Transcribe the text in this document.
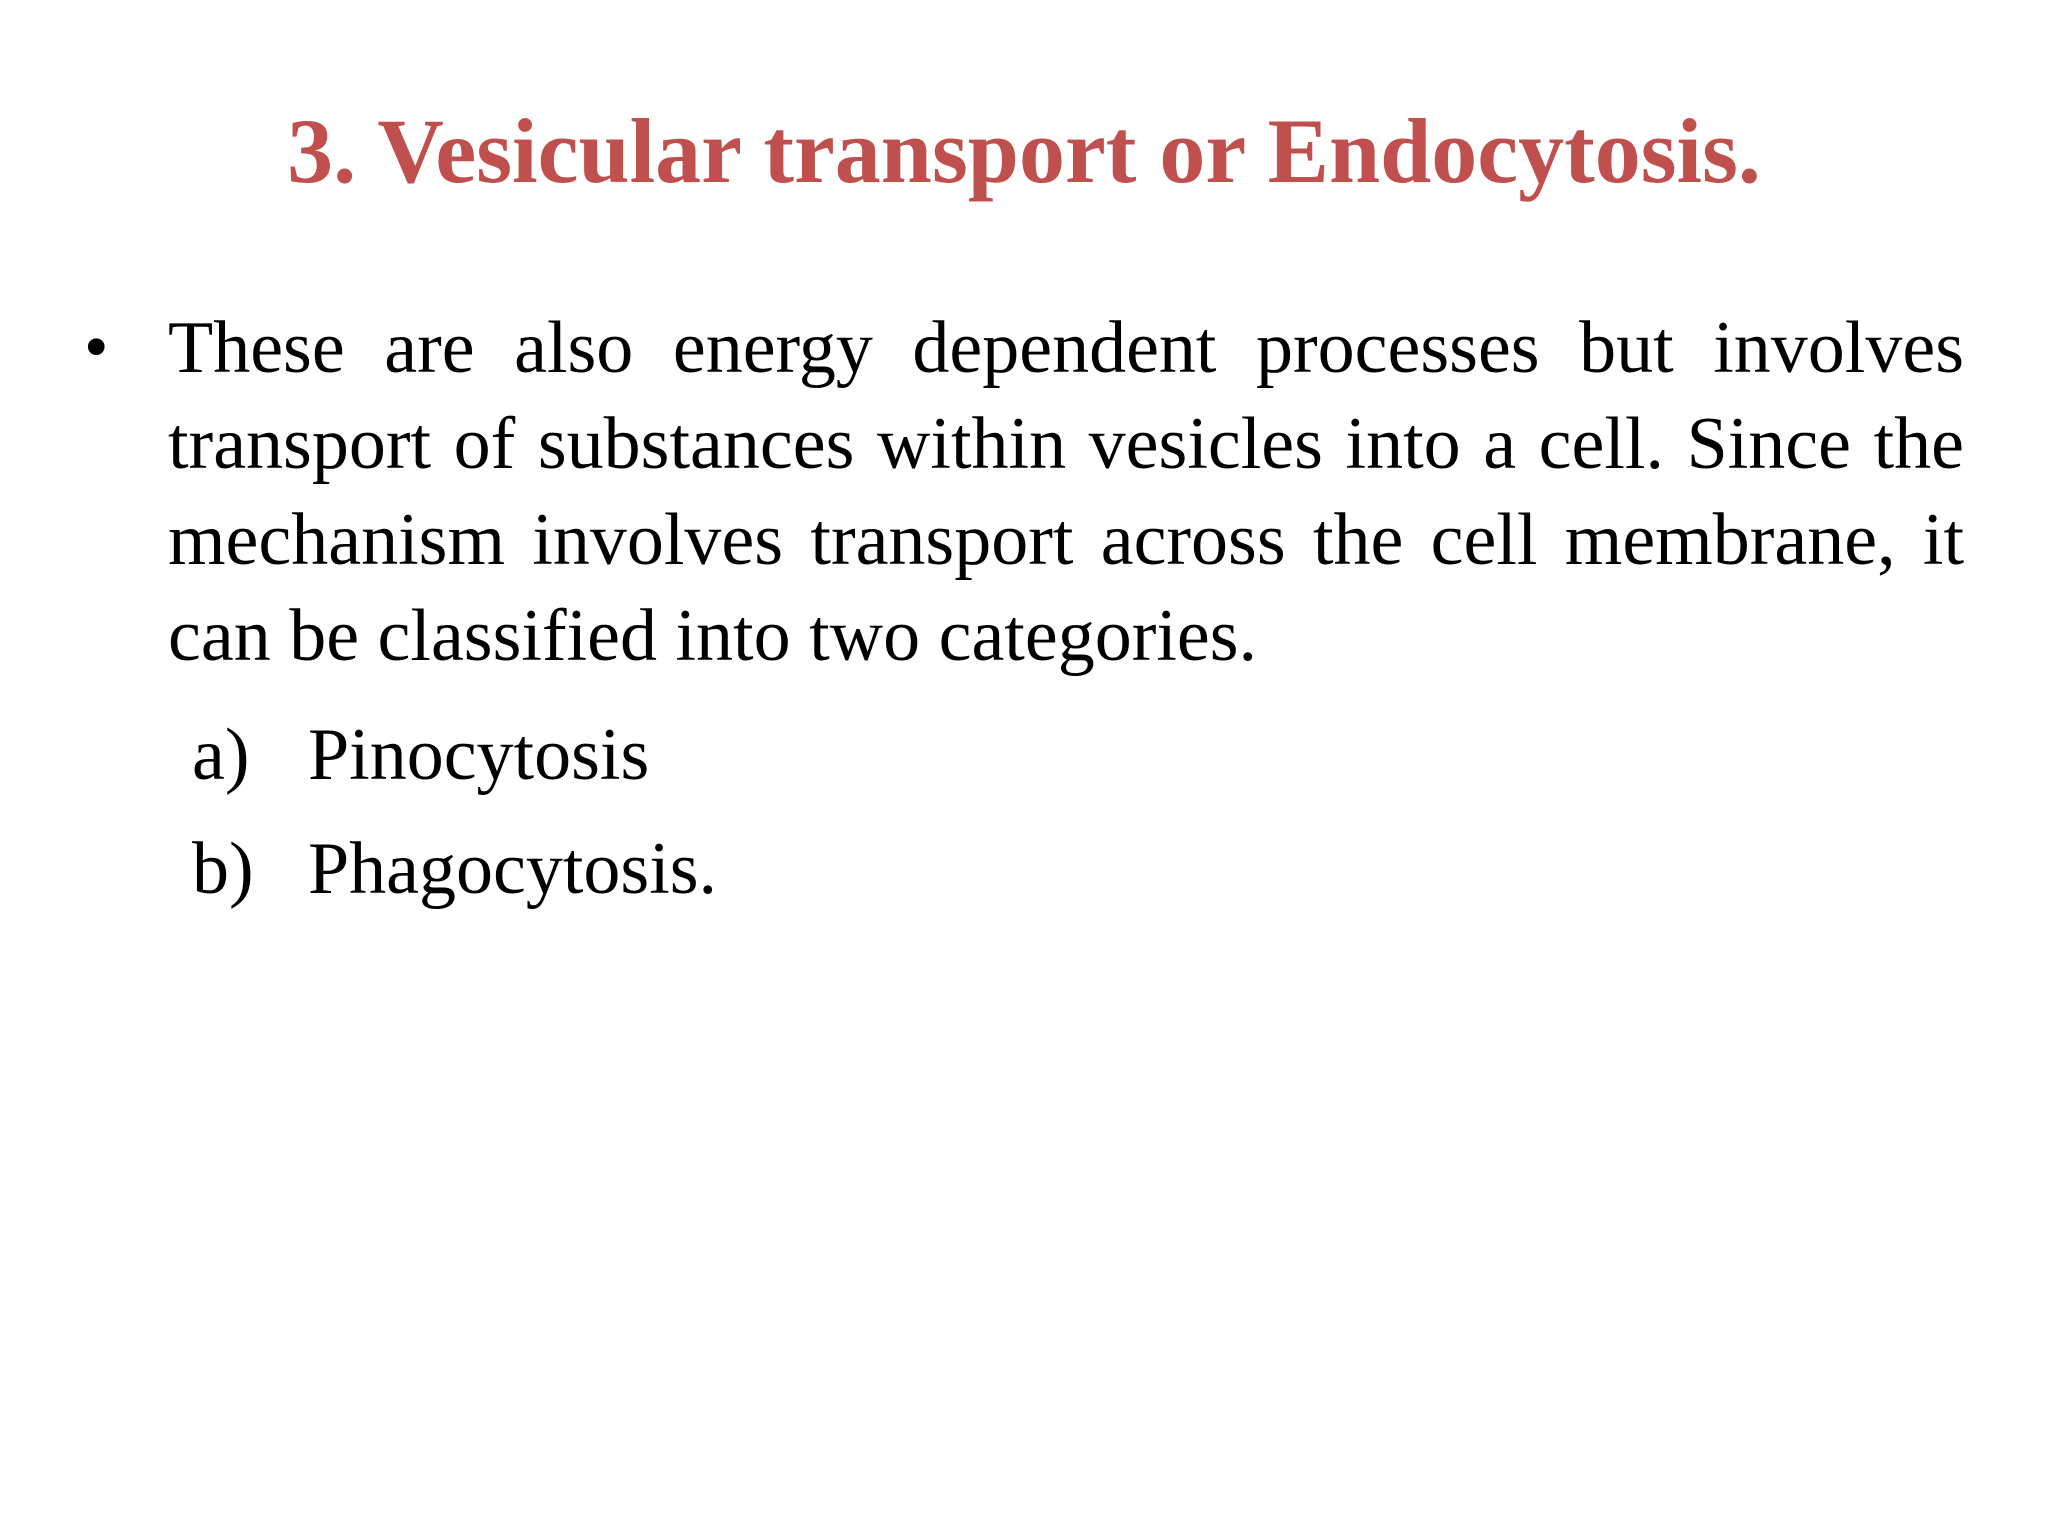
3. Vesicular transport or Endocytosis.
• These are also energy dependent processes but involves transport of substances within vesicles into a cell. Since the mechanism involves transport across the cell membrane, it can be classified into two categories.

a) Pinocytosis
b) Phagocytosis.
